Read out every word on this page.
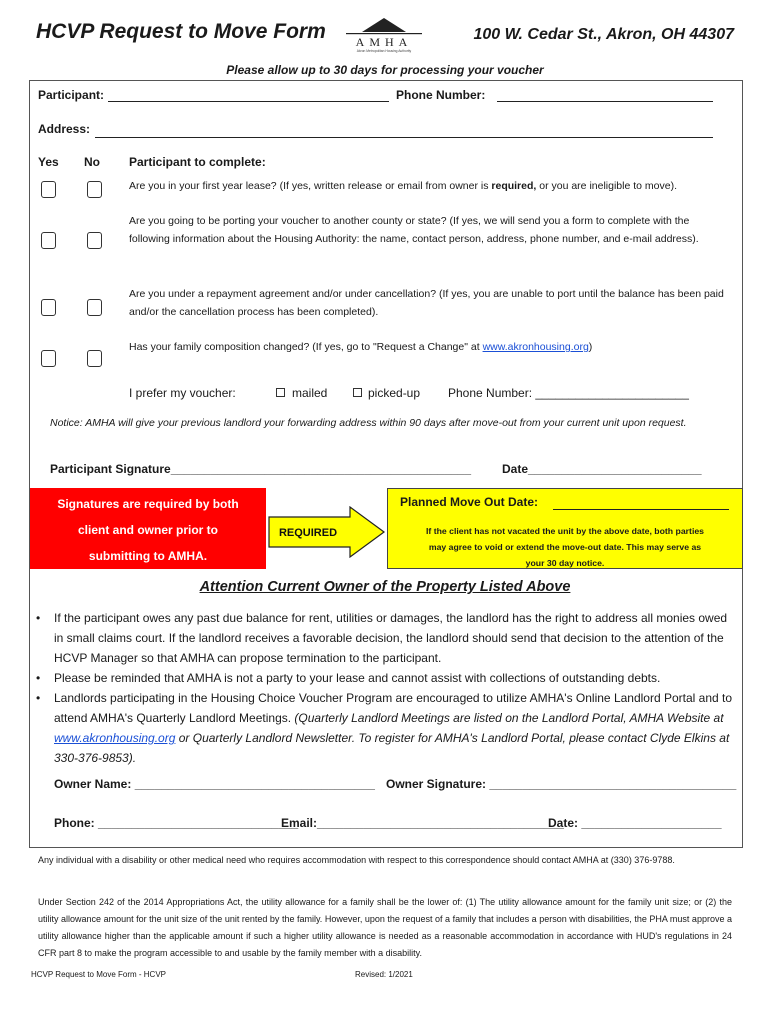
HCVP Request to Move Form AMHA
Akron Metropolitan Housing Authority
100 W. Cedar St., Akron, OH 44307
Please allow up to 30 days for processing your voucher
Participant:	Phone Number:
Address:
Yes No Participant to complete:
Are you in your first year lease? (If yes, written release or email from owner is required, or you are ineligible to move).
Are you going to be porting your voucher to another county or state? (If yes, we will send you a form to complete with the following information about the Housing Authority: the name, contact person, address, phone number, and e-mail address).
Are you under a repayment agreement and/or under cancellation? (If yes, you are unable to port until the balance has been paid and/or the cancellation process has been completed).
Has your family composition changed? (If yes, go to "Request a Change" at www.akronhousing.org)
I prefer my voucher:	mailed	picked-up Phone Number: _______________________
Notice: AMHA will give your previous landlord your forwarding address within 90 days after move-out from your current unit upon request.
Participant Signature_____________________________________________	Date__________________________
Signatures are required by both
client and owner prior to
submitting to AMHA.
REQUIRED
Planned Move Out Date:
If the client has not vacated the unit by the above date, both parties
may agree to void or extend the move-out date. This may serve as
your 30 day notice.
Attention Current Owner of the Property Listed Above
• If the participant owes any past due balance for rent, utilities or damages, the landlord has the right to address all monies owed in small claims court. If the landlord receives a favorable decision, the landlord should send that decision to the attention of the HCVP Manager so that AMHA can propose termination to the participant.
• Please be reminded that AMHA is not a party to your lease and cannot assist with collections of outstanding debts.
• Landlords participating in the Housing Choice Voucher Program are encouraged to utilize AMHA's Online Landlord Portal and to attend AMHA's Quarterly Landlord Meetings. (Quarterly Landlord Meetings are listed on the Landlord Portal, AMHA Website at www.akronhousing.org or Quarterly Landlord Newsletter. To register for AMHA's Landlord Portal, please contact Clyde Elkins at 330-376-9853).
Owner Name: ____________________________________ Owner Signature: _____________________________________
Phone: ______________________________
Email:_____________________________________
Date: _____________________
Any individual with a disability or other medical need who requires accommodation with respect to this correspondence should contact AMHA at (330) 376-9788.
Under Section 242 of the 2014 Appropriations Act, the utility allowance for a family shall be the lower of: (1) The utility allowance amount for the family unit size; or (2) the utility allowance amount for the unit size of the unit rented by the family. However, upon the request of a family that includes a person with disabilities, the PHA must approve a utility allowance higher than the applicable amount if such a higher utility allowance is needed as a reasonable accommodation in accordance with HUD's regulations in 24 CFR part 8 to make the program accessible to and usable by the family member with a disability.
HCVP Request to Move Form - HCVP	Revised: 1/2021
